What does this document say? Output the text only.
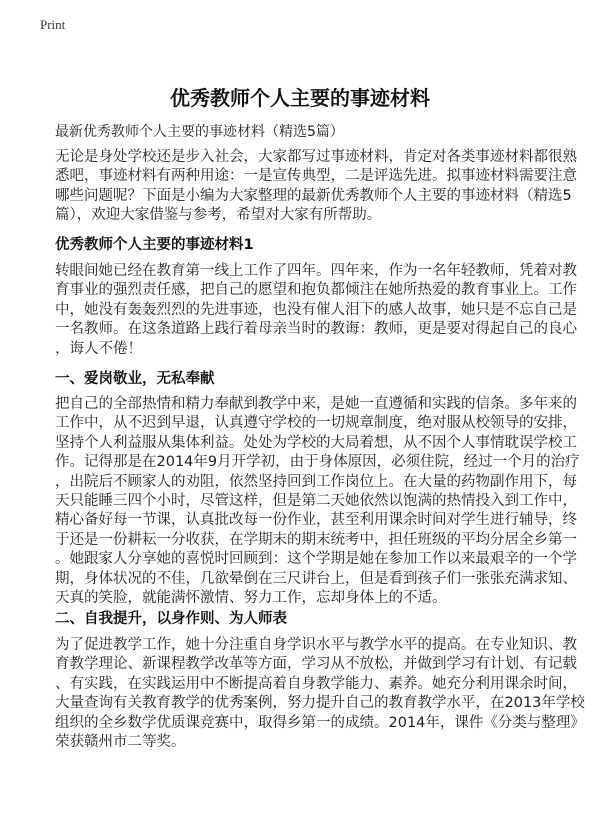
Print
优秀教师个人主要的事迹材料
最新优秀教师个人主要的事迹材料（精选5篇）
无论是身处学校还是步入社会，大家都写过事迹材料，肯定对各类事迹材料都很熟
悉吧，事迹材料有两种用途：一是宣传典型，二是评选先进。拟事迹材料需要注意
哪些问题呢？下面是小编为大家整理的最新优秀教师个人主要的事迹材料（精选5
篇），欢迎大家借鉴与参考，希望对大家有所帮助。
优秀教师个人主要的事迹材料1
转眼间她已经在教育第一线上工作了四年。四年来，作为一名年轻教师，凭着对教
育事业的强烈责任感，把自己的愿望和抱负都倾注在她所热爱的教育事业上。工作
中，她没有轰轰烈烈的先进事迹，也没有催人泪下的感人故事，她只是不忘自己是
一名教师。在这条道路上践行着母亲当时的教诲：教师，更是要对得起自己的良心
，诲人不倦！
一、爱岗敬业，无私奉献
把自己的全部热情和精力奉献到教学中来，是她一直遵循和实践的信条。多年来的
工作中，从不迟到早退，认真遵守学校的一切规章制度，绝对服从校领导的安排，
坚持个人利益服从集体利益。处处为学校的大局着想，从不因个人事情耽误学校工
作。记得那是在2014年9月开学初，由于身体原因，必须住院，经过一个月的治疗
，出院后不顾家人的劝阻，依然坚持回到工作岗位上。在大量的药物副作用下，每
天只能睡三四个小时，尽管这样，但是第二天她依然以饱满的热情投入到工作中，
精心备好每一节课，认真批改每一份作业，甚至利用课余时间对学生进行辅导，终
于还是一份耕耘一分收获，在学期末的期末统考中，担任班级的平均分居全乡第一
。她跟家人分享她的喜悦时回顾到：这个学期是她在参加工作以来最艰辛的一个学
期，身体状况的不佳，几欲晕倒在三尺讲台上，但是看到孩子们一张张充满求知、
天真的笑脸，就能满怀激情、努力工作，忘却身体上的不适。
二、自我提升，以身作则、为人师表
为了促进教学工作，她十分注重自身学识水平与教学水平的提高。在专业知识、教
育教学理论、新课程教学改革等方面，学习从不放松，并做到学习有计划、有记载
、有实践，在实践运用中不断提高着自身教学能力、素养。她充分利用课余时间，
大量查询有关教育教学的优秀案例，努力提升自己的教育教学水平，在2013年学校
组织的全乡数学优质课竞赛中，取得乡第一的成绩。2014年，课件《分类与整理》
荣获赣州市二等奖。
